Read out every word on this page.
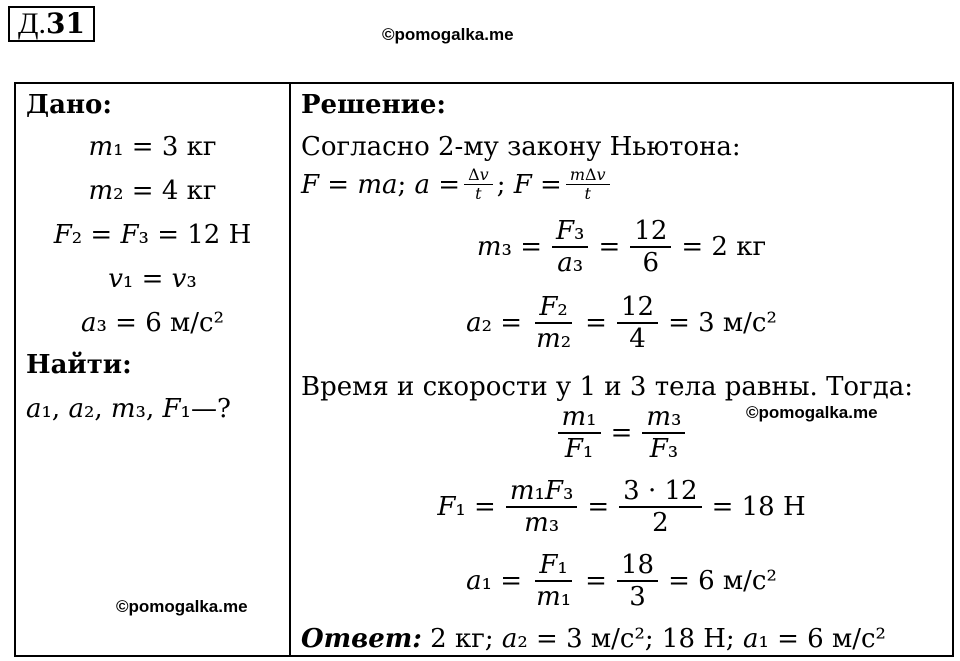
Д.31	©pomogalka.me
Дано:
𝑚₁ = 3 кг
𝑚₂ = 4 кг
𝐹₂ = 𝐹₃ = 12 Н
𝑣₁ = 𝑣₃
𝑎₃ = 6 м/с²
Найти:
𝑎₁, 𝑎₂, 𝑚₃, 𝐹₁—?
Решение:
Согласно 2-му закону Ньютона:
𝐹 = 𝑚𝑎; 𝑎 = $\frac{\text{Δ𝑣}}{\text{𝑡}}$ ; 𝐹 = $\frac{\text{𝑚Δ𝑣}}{\text{𝑡}}$
𝑚₃ = $\frac{\text{𝐹₃}}{\text{𝑎₃}} = \frac{12}{6} = 2$ кг
𝑎₂ = $\frac{\text{𝐹₂}}{\text{𝑚₂}} = \frac{12}{4} = 3$ м/с²
Время и скорости у 1 и 3 тела равны. Тогда:
$\frac{\text{𝑚₁}}{\text{𝐹₁}} = \frac{\text{𝑚₃}}{\text{𝐹₃}}$
𝐹₁ = $\frac{\text{𝑚₁𝐹₃}}{\text{𝑚₃}} = \frac{3 \cdot 12}{2} = 18$ Н
𝑎₁ = $\frac{\text{𝐹₁}}{\text{𝑚₁}} = \frac{18}{3} = 6$ м/с²
Ответ: 2 кг; 𝑎₂ = 3 м/с²; 18 Н; 𝑎₁ = 6 м/с²
©pomogalka.me
©pomogalka.me
